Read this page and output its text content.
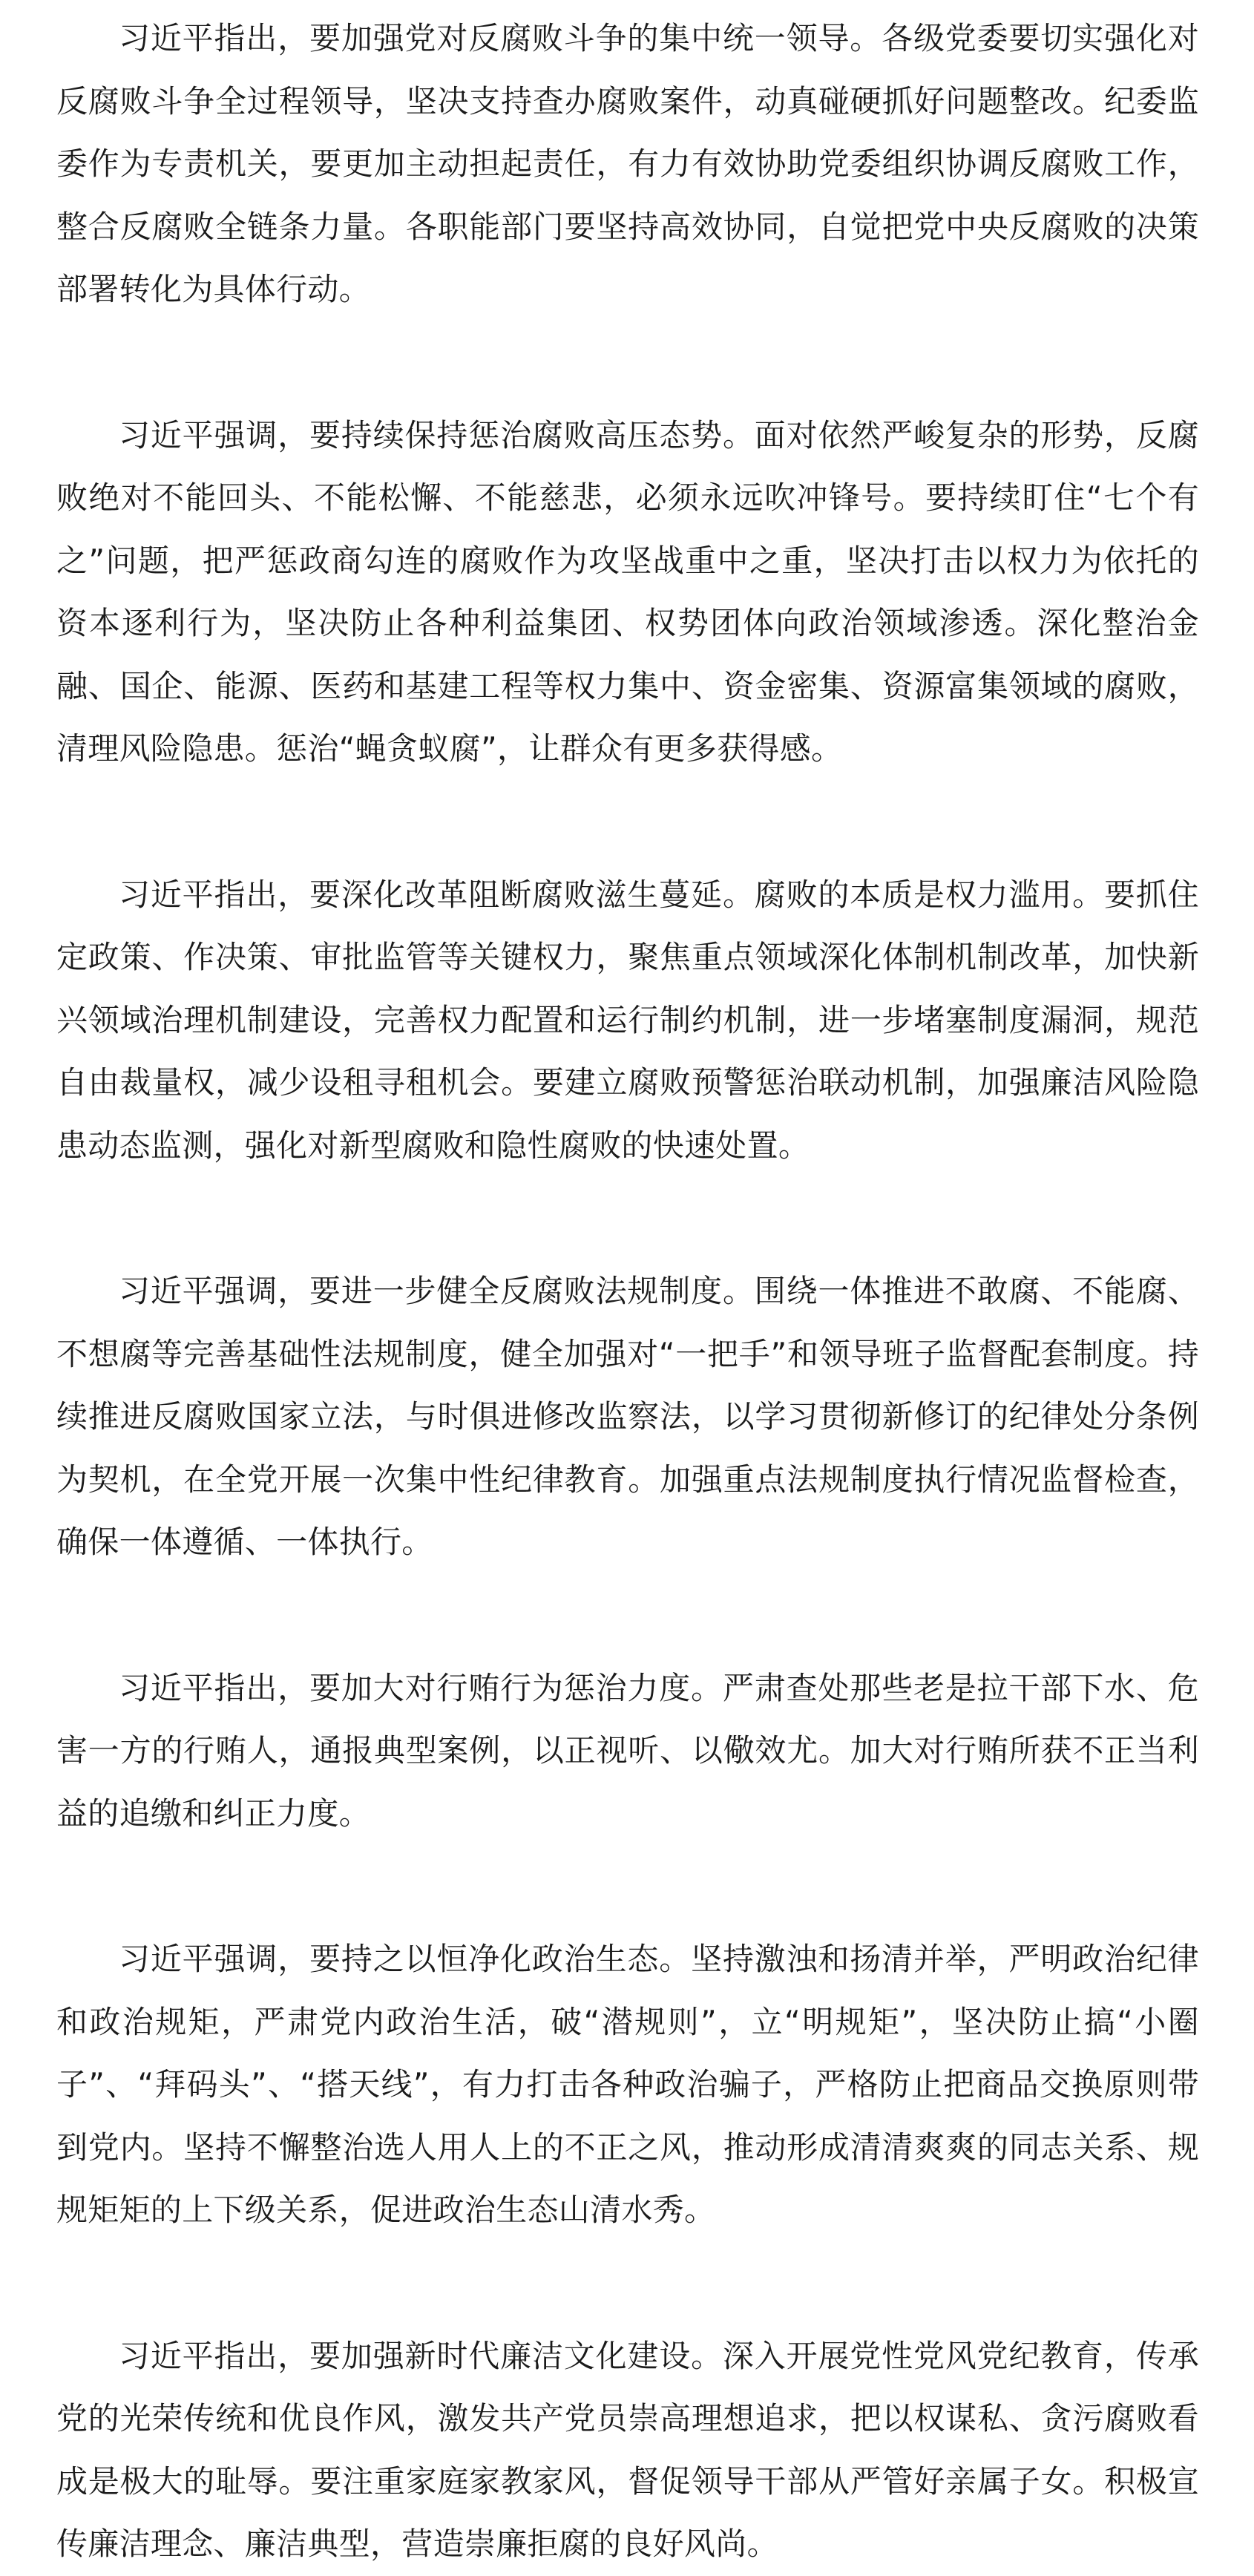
习近平指出，要加强党对反腐败斗争的集中统一领导。各级党委要切实强化对反腐败斗争全过程领导，坚决支持查办腐败案件，动真碰硬抓好问题整改。纪委监委作为专责机关，要更加主动担起责任，有力有效协助党委组织协调反腐败工作，整合反腐败全链条力量。各职能部门要坚持高效协同，自觉把党中央反腐败的决策部署转化为具体行动。

习近平强调，要持续保持惩治腐败高压态势。面对依然严峻复杂的形势，反腐败绝对不能回头、不能松懈、不能慈悲，必须永远吹冲锋号。要持续盯住“七个有之”问题，把严惩政商勾连的腐败作为攻坚战重中之重，坚决打击以权力为依托的资本逐利行为，坚决防止各种利益集团、权势团体向政治领域渗透。深化整治金融、国企、能源、医药和基建工程等权力集中、资金密集、资源富集领域的腐败，清理风险隐患。惩治“蝇贪蚁腐”，让群众有更多获得感。

习近平指出，要深化改革阻断腐败滋生蔓延。腐败的本质是权力滥用。要抓住定政策、作决策、审批监管等关键权力，聚焦重点领域深化体制机制改革，加快新兴领域治理机制建设，完善权力配置和运行制约机制，进一步堵塞制度漏洞，规范自由裁量权，减少设租寻租机会。要建立腐败预警惩治联动机制，加强廉洁风险隐患动态监测，强化对新型腐败和隐性腐败的快速处置。

习近平强调，要进一步健全反腐败法规制度。围绕一体推进不敢腐、不能腐、不想腐等完善基础性法规制度，健全加强对“一把手”和领导班子监督配套制度。持续推进反腐败国家立法，与时俱进修改监察法，以学习贯彻新修订的纪律处分条例为契机，在全党开展一次集中性纪律教育。加强重点法规制度执行情况监督检查，确保一体遵循、一体执行。

习近平指出，要加大对行贿行为惩治力度。严肃查处那些老是拉干部下水、危害一方的行贿人，通报典型案例，以正视听、以儆效尤。加大对行贿所获不正当利益的追缴和纠正力度。

习近平强调，要持之以恒净化政治生态。坚持激浊和扬清并举，严明政治纪律和政治规矩，严肃党内政治生活，破“潜规则”，立“明规矩”，坚决防止搞“小圈子”、“拜码头”、“搭天线”，有力打击各种政治骗子，严格防止把商品交换原则带到党内。坚持不懈整治选人用人上的不正之风，推动形成清清爽爽的同志关系、规规矩矩的上下级关系，促进政治生态山清水秀。

习近平指出，要加强新时代廉洁文化建设。深入开展党性党风党纪教育，传承党的光荣传统和优良作风，激发共产党员崇高理想追求，把以权谋私、贪污腐败看成是极大的耻辱。要注重家庭家教家风，督促领导干部从严管好亲属子女。积极宣传廉洁理念、廉洁典型，营造崇廉拒腐的良好风尚。
